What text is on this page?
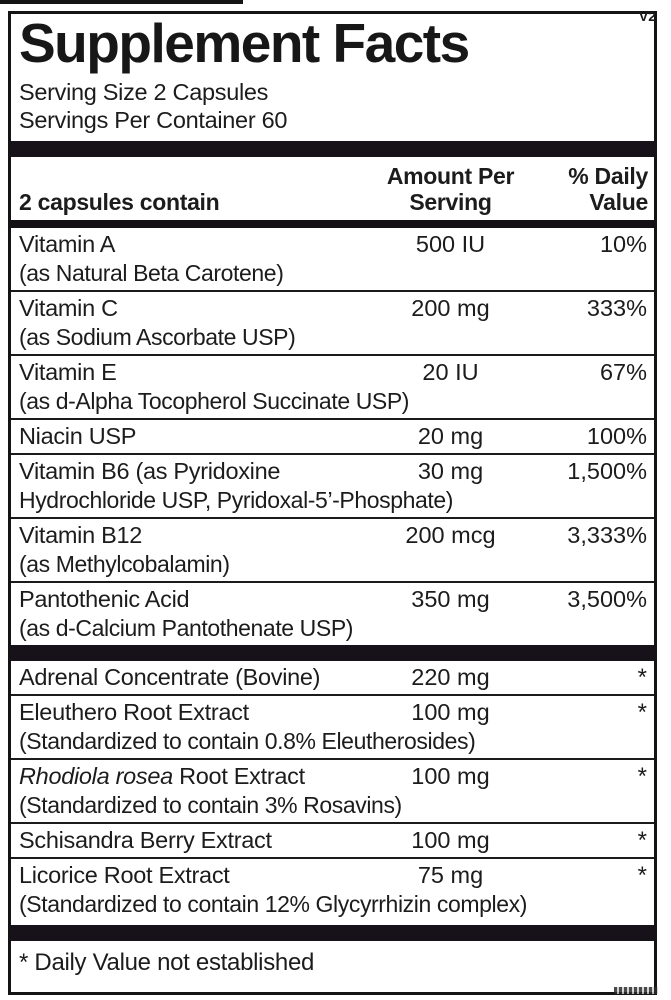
V2
Supplement Facts
Serving Size 2 Capsules
Servings Per Container 60
2 capsules contain
Amount Per
Serving
% Daily
Value
Vitamin A	500 IU	10%
(as Natural Beta Carotene)
Vitamin C	200 mg	333%
(as Sodium Ascorbate USP)
Vitamin E	20 IU	67%
(as d-Alpha Tocopherol Succinate USP)
Niacin USP	20 mg	100%
Vitamin B6 (as Pyridoxine	30 mg	1,500%
Hydrochloride USP, Pyridoxal-5’-Phosphate)
Vitamin B12	200 mcg	3,333%
(as Methylcobalamin)
Pantothenic Acid	350 mg	3,500%
(as d-Calcium Pantothenate USP)
Adrenal Concentrate (Bovine)	220 mg	*
Eleuthero Root Extract	100 mg	*
(Standardized to contain 0.8% Eleutherosides)
Rhodiola rosea Root Extract	100 mg	*
(Standardized to contain 3% Rosavins)
Schisandra Berry Extract	100 mg	*
Licorice Root Extract	75 mg	*
(Standardized to contain 12% Glycyrrhizin complex)
* Daily Value not established
